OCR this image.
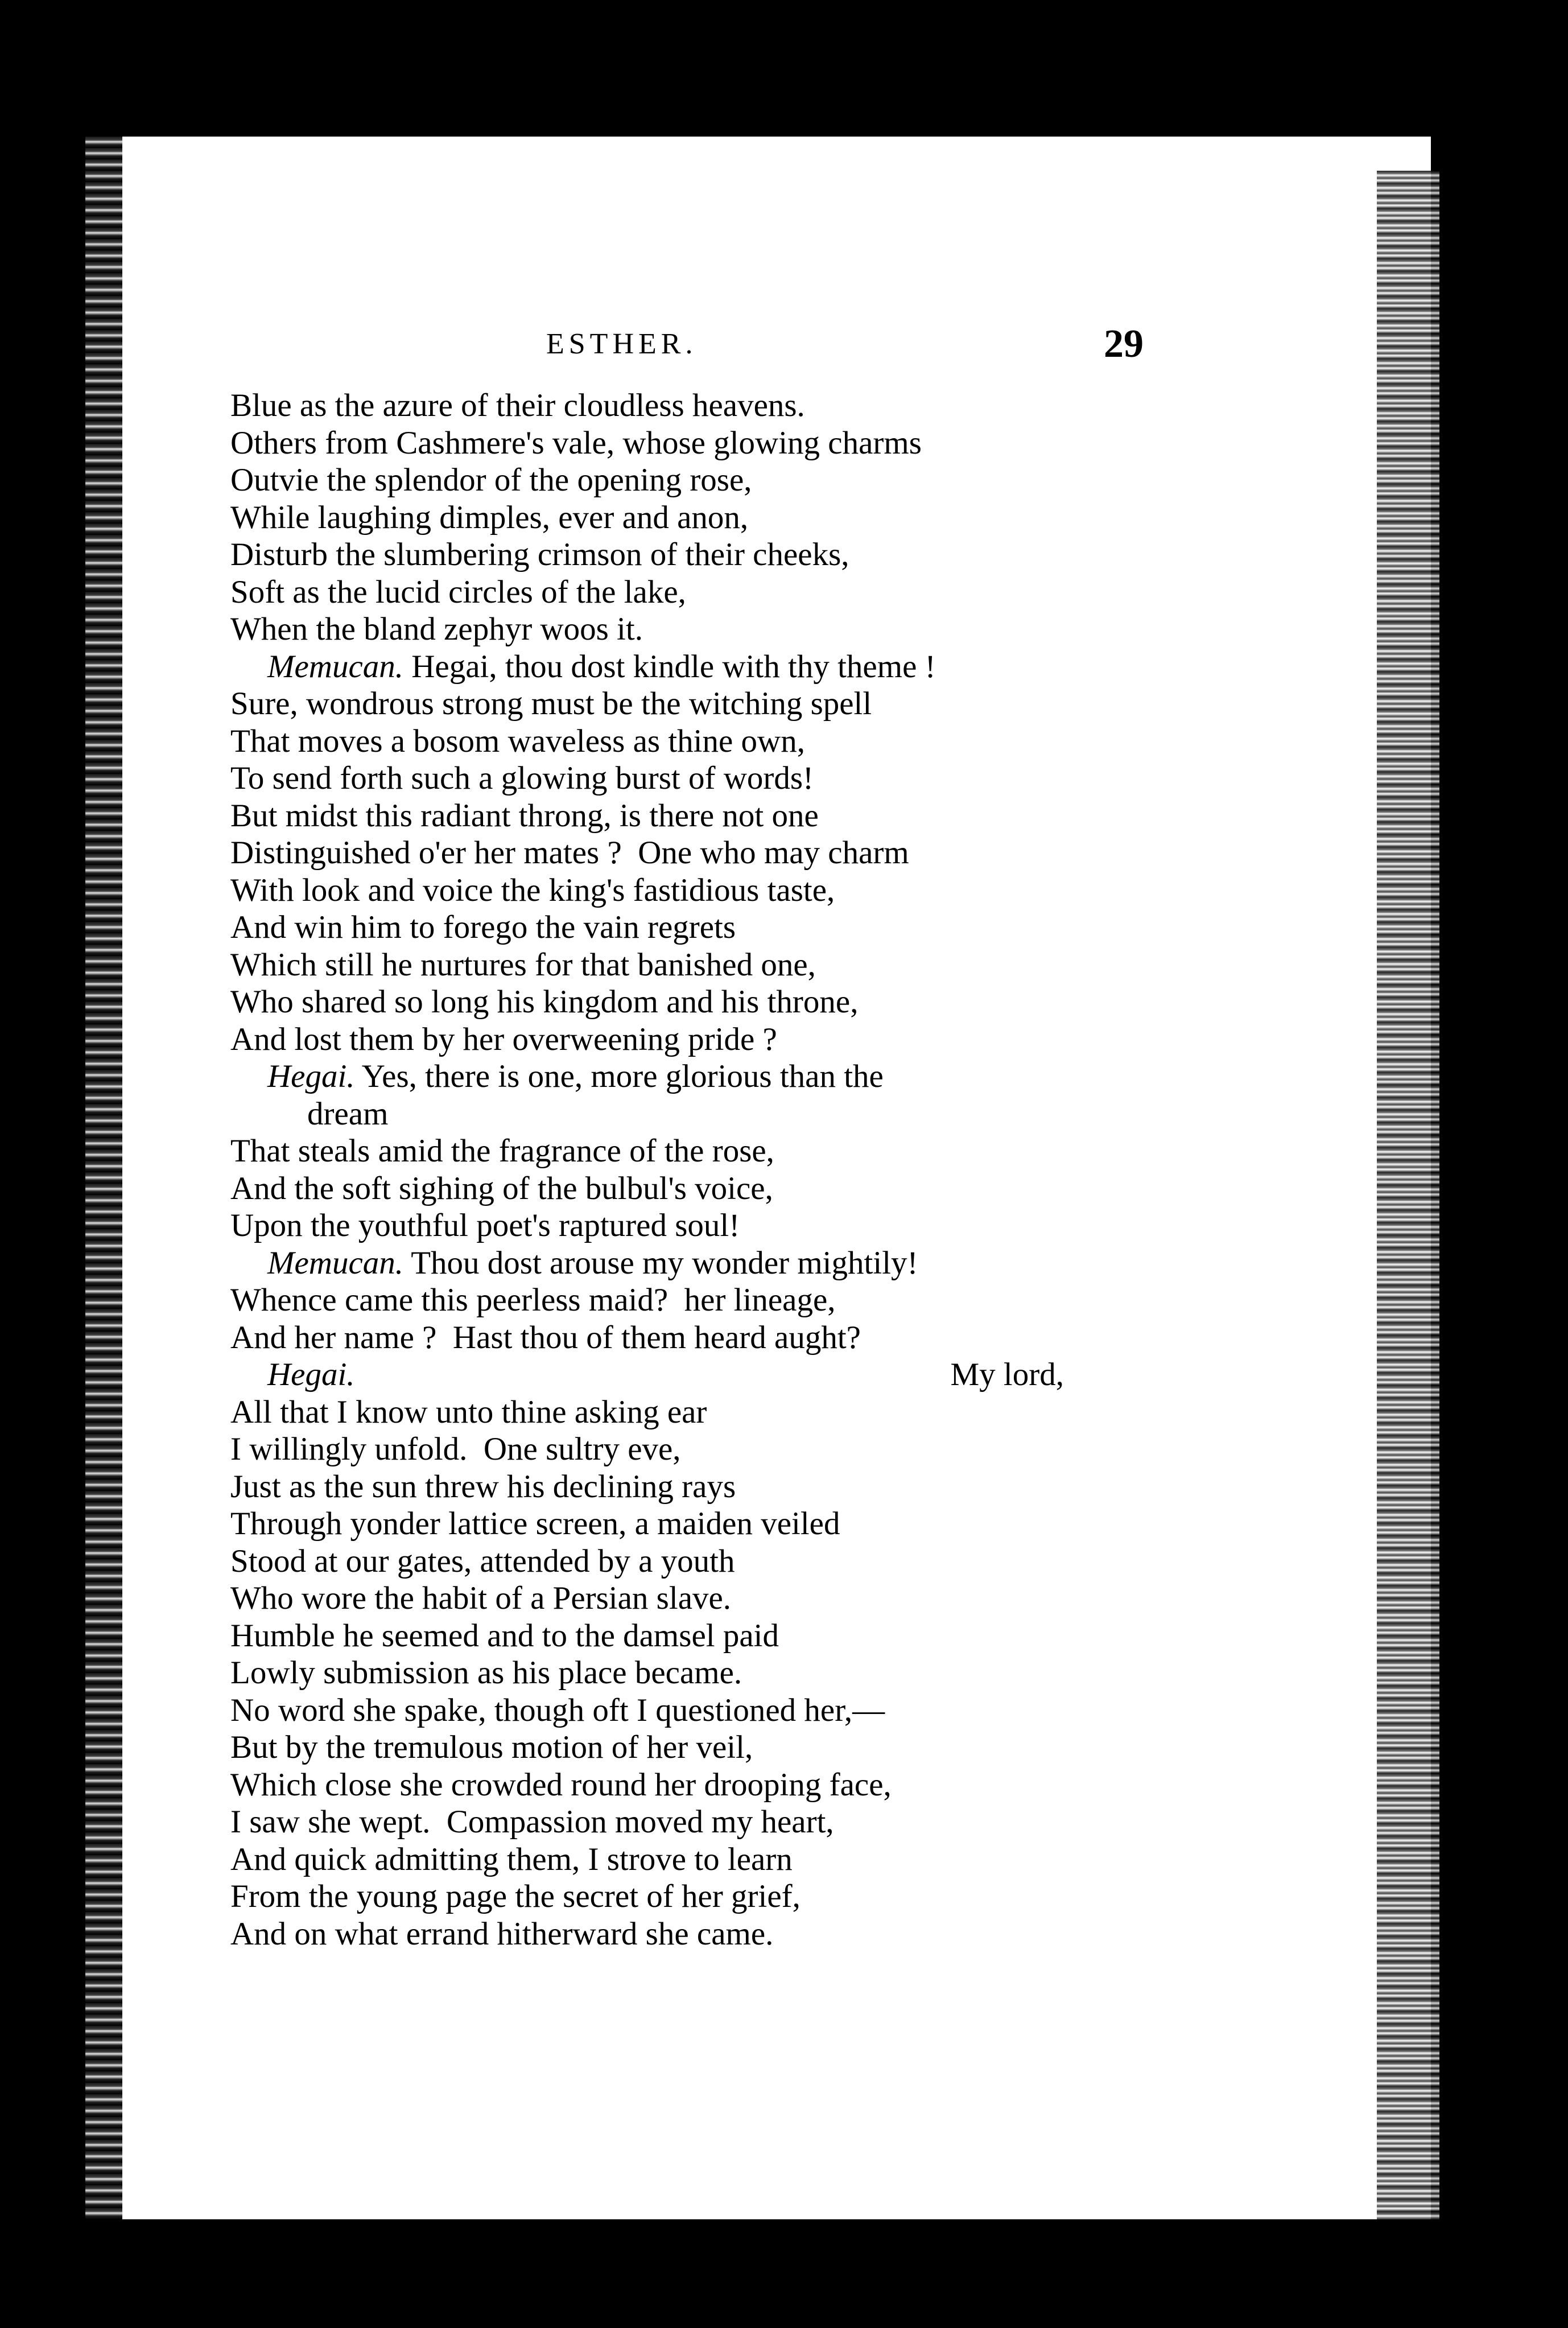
ESTHER.	29
Blue as the azure of their cloudless heavens.
Others from Cashmere's vale, whose glowing charms
Outvie the splendor of the opening rose,
While laughing dimples, ever and anon,
Disturb the slumbering crimson of their cheeks,
Soft as the lucid circles of the lake,
When the bland zephyr woos it.
Memucan. Hegai, thou dost kindle with thy theme !
Sure, wondrous strong must be the witching spell
That moves a bosom waveless as thine own,
To send forth such a glowing burst of words!
But midst this radiant throng, is there not one
Distinguished o'er her mates ?  One who may charm
With look and voice the king's fastidious taste,
And win him to forego the vain regrets
Which still he nurtures for that banished one,
Who shared so long his kingdom and his throne,
And lost them by her overweening pride ?
Hegai. Yes, there is one, more glorious than the
dream
That steals amid the fragrance of the rose,
And the soft sighing of the bulbul's voice,
Upon the youthful poet's raptured soul!
Memucan. Thou dost arouse my wonder mightily!
Whence came this peerless maid?  her lineage,
And her name ?  Hast thou of them heard aught?
Hegai.	My lord,
All that I know unto thine asking ear
I willingly unfold.  One sultry eve,
Just as the sun threw his declining rays
Through yonder lattice screen, a maiden veiled
Stood at our gates, attended by a youth
Who wore the habit of a Persian slave.
Humble he seemed and to the damsel paid
Lowly submission as his place became.
No word she spake, though oft I questioned her,—
But by the tremulous motion of her veil,
Which close she crowded round her drooping face,
I saw she wept.  Compassion moved my heart,
And quick admitting them, I strove to learn
From the young page the secret of her grief,
And on what errand hitherward she came.
